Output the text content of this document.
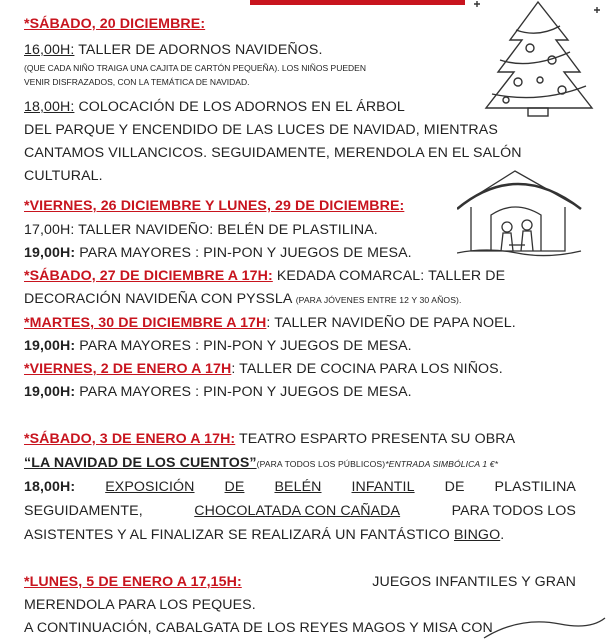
*SÁBADO, 20 DICIEMBRE:
16,00H: TALLER DE ADORNOS NAVIDEÑOS.
(QUE CADA NIÑO TRAIGA UNA CAJITA DE CARTÓN PEQUEÑA). LOS NIÑOS PUEDEN
VENIR DISFRAZADOS, CON LA TEMÁTICA DE NAVIDAD.
18,00H: COLOCACIÓN DE LOS ADORNOS EN EL ÁRBOL
DEL PARQUE Y ENCENDIDO DE LAS LUCES DE NAVIDAD, MIENTRAS
CANTAMOS VILLANCICOS. SEGUIDAMENTE, MERENDOLA EN EL SALÓN
CULTURAL.
*VIERNES, 26 DICIEMBRE Y LUNES, 29 DE DICIEMBRE:
17,00H: TALLER NAVIDEÑO: BELÉN DE PLASTILINA.
19,00H: PARA MAYORES : PIN-PON Y JUEGOS DE MESA.
*SÁBADO, 27 DE DICIEMBRE A 17H: KEDADA COMARCAL: TALLER DE
DECORACIÓN NAVIDEÑA CON PYSSLA (PARA JÓVENES ENTRE 12 Y 30 AÑOS).
*MARTES, 30 DE DICIEMBRE A 17H: TALLER NAVIDEÑO DE PAPA NOEL.
19,00H: PARA MAYORES : PIN-PON Y JUEGOS DE MESA.
*VIERNES, 2 DE ENERO A 17H: TALLER DE COCINA PARA LOS NIÑOS.
19,00H: PARA MAYORES : PIN-PON Y JUEGOS DE MESA.
*SÁBADO, 3 DE ENERO A 17H: TEATRO ESPARTO PRESENTA SU OBRA
“LA NAVIDAD DE LOS CUENTOS”(PARA TODOS LOS PÚBLICOS)*ENTRADA SIMBÓLICA 1 €*
18,00H: EXPOSICIÓN DE BELÉN INFANTIL DE PLASTILINA
SEGUIDAMENTE,	CHOCOLATADA CON CAÑADA	PARA TODOS LOS
ASISTENTES Y AL FINALIZAR SE REALIZARÁ UN FANTÁSTICO BINGO.
*LUNES, 5 DE ENERO A 17,15H:	JUEGOS INFANTILES Y GRAN
MERENDOLA PARA LOS PEQUES.
A CONTINUACIÓN, CABALGATA DE LOS REYES MAGOS Y MISA CON
